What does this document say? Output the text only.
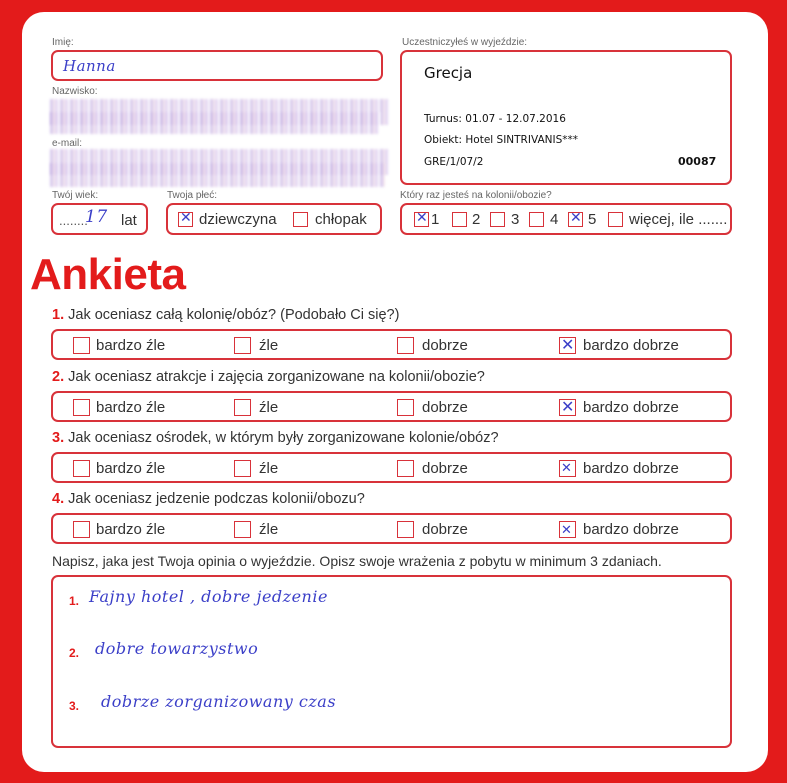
Imię:
Hanna
Nazwisko:
e-mail:
Twój wiek:
........
17 lat
Twoja płeć:
✕ dziewczyna	chłopak
Uczestniczyłeś w wyjeździe:
Grecja
Turnus: 01.07 - 12.07.2016
Obiekt: Hotel SINTRIVANIS***
GRE/1/07/2	00087
Który raz jesteś na kolonii/obozie?
✕ 1 2 3 4 ✕ 5 więcej, ile .......
Ankieta
1. Jak oceniasz całą kolonię/obóz? (Podobało Ci się?)
bardzo źle	źle	dobrze	✕ bardzo dobrze
2. Jak oceniasz atrakcje i zajęcia zorganizowane na kolonii/obozie?
bardzo źle	źle	dobrze	✕ bardzo dobrze
3. Jak oceniasz ośrodek, w którym były zorganizowane kolonie/obóz?
bardzo źle	źle	dobrze	✕ bardzo dobrze
4. Jak oceniasz jedzenie podczas kolonii/obozu?
bardzo źle	źle	dobrze	✕ bardzo dobrze
Napisz, jaka jest Twoja opinia o wyjeździe. Opisz swoje wrażenia z pobytu w minimum 3 zdaniach.
1. Fajny hotel , dobre jedzenie
2. dobre towarzystwo
3. dobrze zorganizowany czas
